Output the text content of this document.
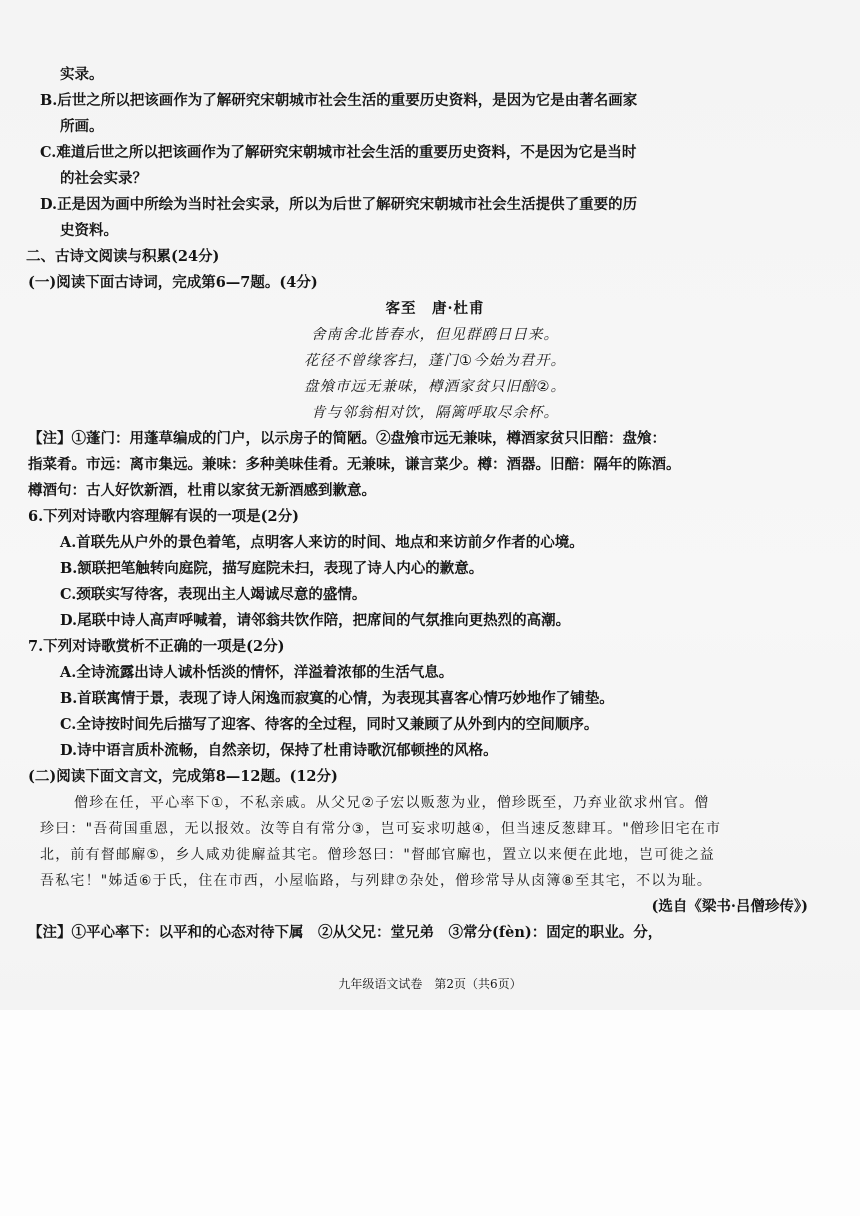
实录。
B.后世之所以把该画作为了解研究宋朝城市社会生活的重要历史资料，是因为它是由著名画家
所画。
C.难道后世之所以把该画作为了解研究宋朝城市社会生活的重要历史资料，不是因为它是当时
的社会实录？
D.正是因为画中所绘为当时社会实录，所以为后世了解研究宋朝城市社会生活提供了重要的历
史资料。
二、古诗文阅读与积累(24分)
(一)阅读下面古诗词，完成第6—7题。(4分)
客至　唐·杜甫
舍南舍北皆春水，但见群鸥日日来。
花径不曾缘客扫，蓬门①今始为君开。
盘飧市远无兼味，樽酒家贫只旧醅②。
肯与邻翁相对饮，隔篱呼取尽余杯。
【注】①蓬门：用蓬草编成的门户，以示房子的简陋。②盘飧市远无兼味，樽酒家贫只旧醅：盘飧：
指菜肴。市远：离市集远。兼味：多种美味佳肴。无兼味，谦言菜少。樽：酒器。旧醅：隔年的陈酒。
樽酒句：古人好饮新酒，杜甫以家贫无新酒感到歉意。
6.下列对诗歌内容理解有误的一项是(2分)
A.首联先从户外的景色着笔，点明客人来访的时间、地点和来访前夕作者的心境。
B.颔联把笔触转向庭院，描写庭院未扫，表现了诗人内心的歉意。
C.颈联实写待客，表现出主人竭诚尽意的盛情。
D.尾联中诗人高声呼喊着，请邻翁共饮作陪，把席间的气氛推向更热烈的高潮。
7.下列对诗歌赏析不正确的一项是(2分)
A.全诗流露出诗人诚朴恬淡的情怀，洋溢着浓郁的生活气息。
B.首联寓情于景，表现了诗人闲逸而寂寞的心情，为表现其喜客心情巧妙地作了铺垫。
C.全诗按时间先后描写了迎客、待客的全过程，同时又兼顾了从外到内的空间顺序。
D.诗中语言质朴流畅，自然亲切，保持了杜甫诗歌沉郁顿挫的风格。
(二)阅读下面文言文，完成第8—12题。(12分)
僧珍在任，平心率下①，不私亲戚。从父兄②子宏以贩葱为业，僧珍既至，乃弃业欲求州官。僧
珍曰："吾荷国重恩，无以报效。汝等自有常分③，岂可妄求叨越④，但当速反葱肆耳。"僧珍旧宅在市
北，前有督邮廨⑤，乡人咸劝徙廨益其宅。僧珍怒曰："督邮官廨也，置立以来便在此地，岂可徙之益
吾私宅！"姊适⑥于氏，住在市西，小屋临路，与列肆⑦杂处，僧珍常导从卤簿⑧至其宅，不以为耻。
(选自《梁书·吕僧珍传》)
【注】①平心率下：以平和的心态对待下属　②从父兄：堂兄弟　③常分(fèn)：固定的职业。分，
九年级语文试卷　第2页（共6页）
